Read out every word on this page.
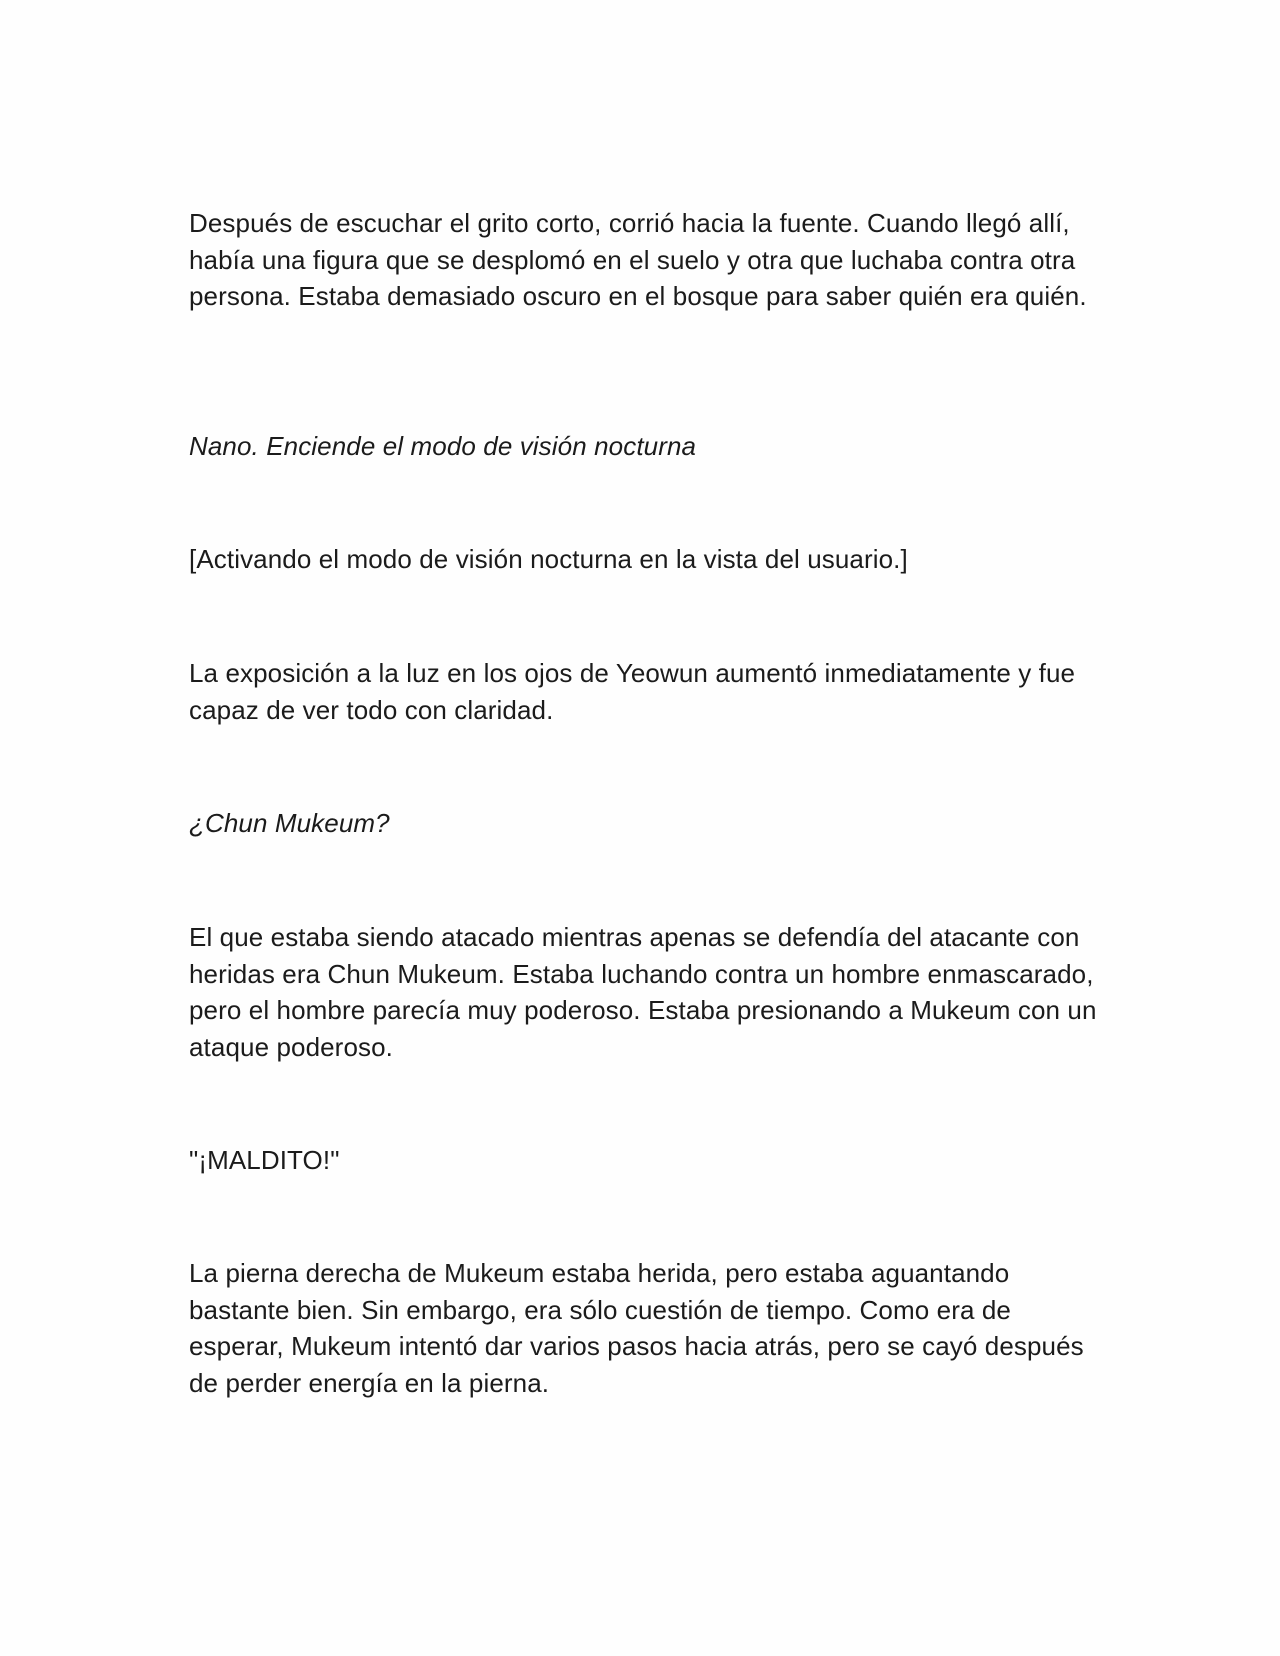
Después de escuchar el grito corto, corrió hacia la fuente. Cuando llegó allí, había una figura que se desplomó en el suelo y otra que luchaba contra otra persona. Estaba demasiado oscuro en el bosque para saber quién era quién.

Nano. Enciende el modo de visión nocturna

[Activando el modo de visión nocturna en la vista del usuario.]

La exposición a la luz en los ojos de Yeowun aumentó inmediatamente y fue capaz de ver todo con claridad.

¿Chun Mukeum?

El que estaba siendo atacado mientras apenas se defendía del atacante con heridas era Chun Mukeum. Estaba luchando contra un hombre enmascarado, pero el hombre parecía muy poderoso. Estaba presionando a Mukeum con un ataque poderoso.

"¡MALDITO!"

La pierna derecha de Mukeum estaba herida, pero estaba aguantando bastante bien. Sin embargo, era sólo cuestión de tiempo. Como era de esperar, Mukeum intentó dar varios pasos hacia atrás, pero se cayó después de perder energía en la pierna.
